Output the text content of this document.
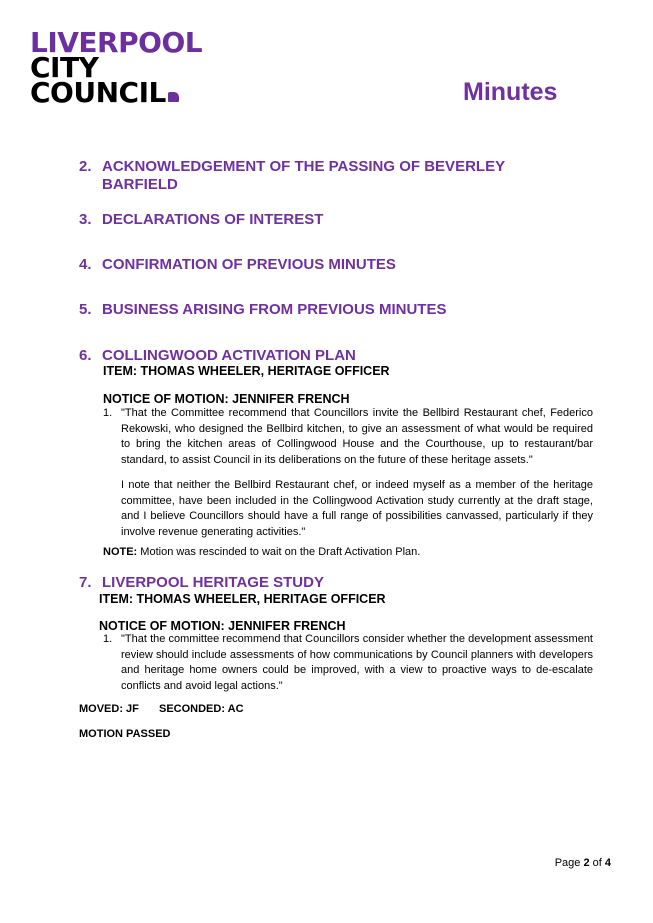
LIVERPOOL
CITY
COUNCIL	Minutes
2. ACKNOWLEDGEMENT OF THE PASSING OF BEVERLEY BARFIELD
3. DECLARATIONS OF INTEREST
4. CONFIRMATION OF PREVIOUS MINUTES
5. BUSINESS ARISING FROM PREVIOUS MINUTES
6. COLLINGWOOD ACTIVATION PLAN
ITEM: THOMAS WHEELER, HERITAGE OFFICER
NOTICE OF MOTION: JENNIFER FRENCH
1. "That the Committee recommend that Councillors invite the Bellbird Restaurant chef, Federico Rekowski, who designed the Bellbird kitchen, to give an assessment of what would be required to bring the kitchen areas of Collingwood House and the Courthouse, up to restaurant/bar standard, to assist Council in its deliberations on the future of these heritage assets."
I note that neither the Bellbird Restaurant chef, or indeed myself as a member of the heritage committee, have been included in the Collingwood Activation study currently at the draft stage, and I believe Councillors should have a full range of possibilities canvassed, particularly if they involve revenue generating activities."
NOTE: Motion was rescinded to wait on the Draft Activation Plan.
7. LIVERPOOL HERITAGE STUDY
ITEM: THOMAS WHEELER, HERITAGE OFFICER
NOTICE OF MOTION: JENNIFER FRENCH
1. "That the committee recommend that Councillors consider whether the development assessment review should include assessments of how communications by Council planners with developers and heritage home owners could be improved, with a view to proactive ways to de-escalate conflicts and avoid legal actions."
MOVED: JF SECONDED: AC
MOTION PASSED
Page 2 of 4
